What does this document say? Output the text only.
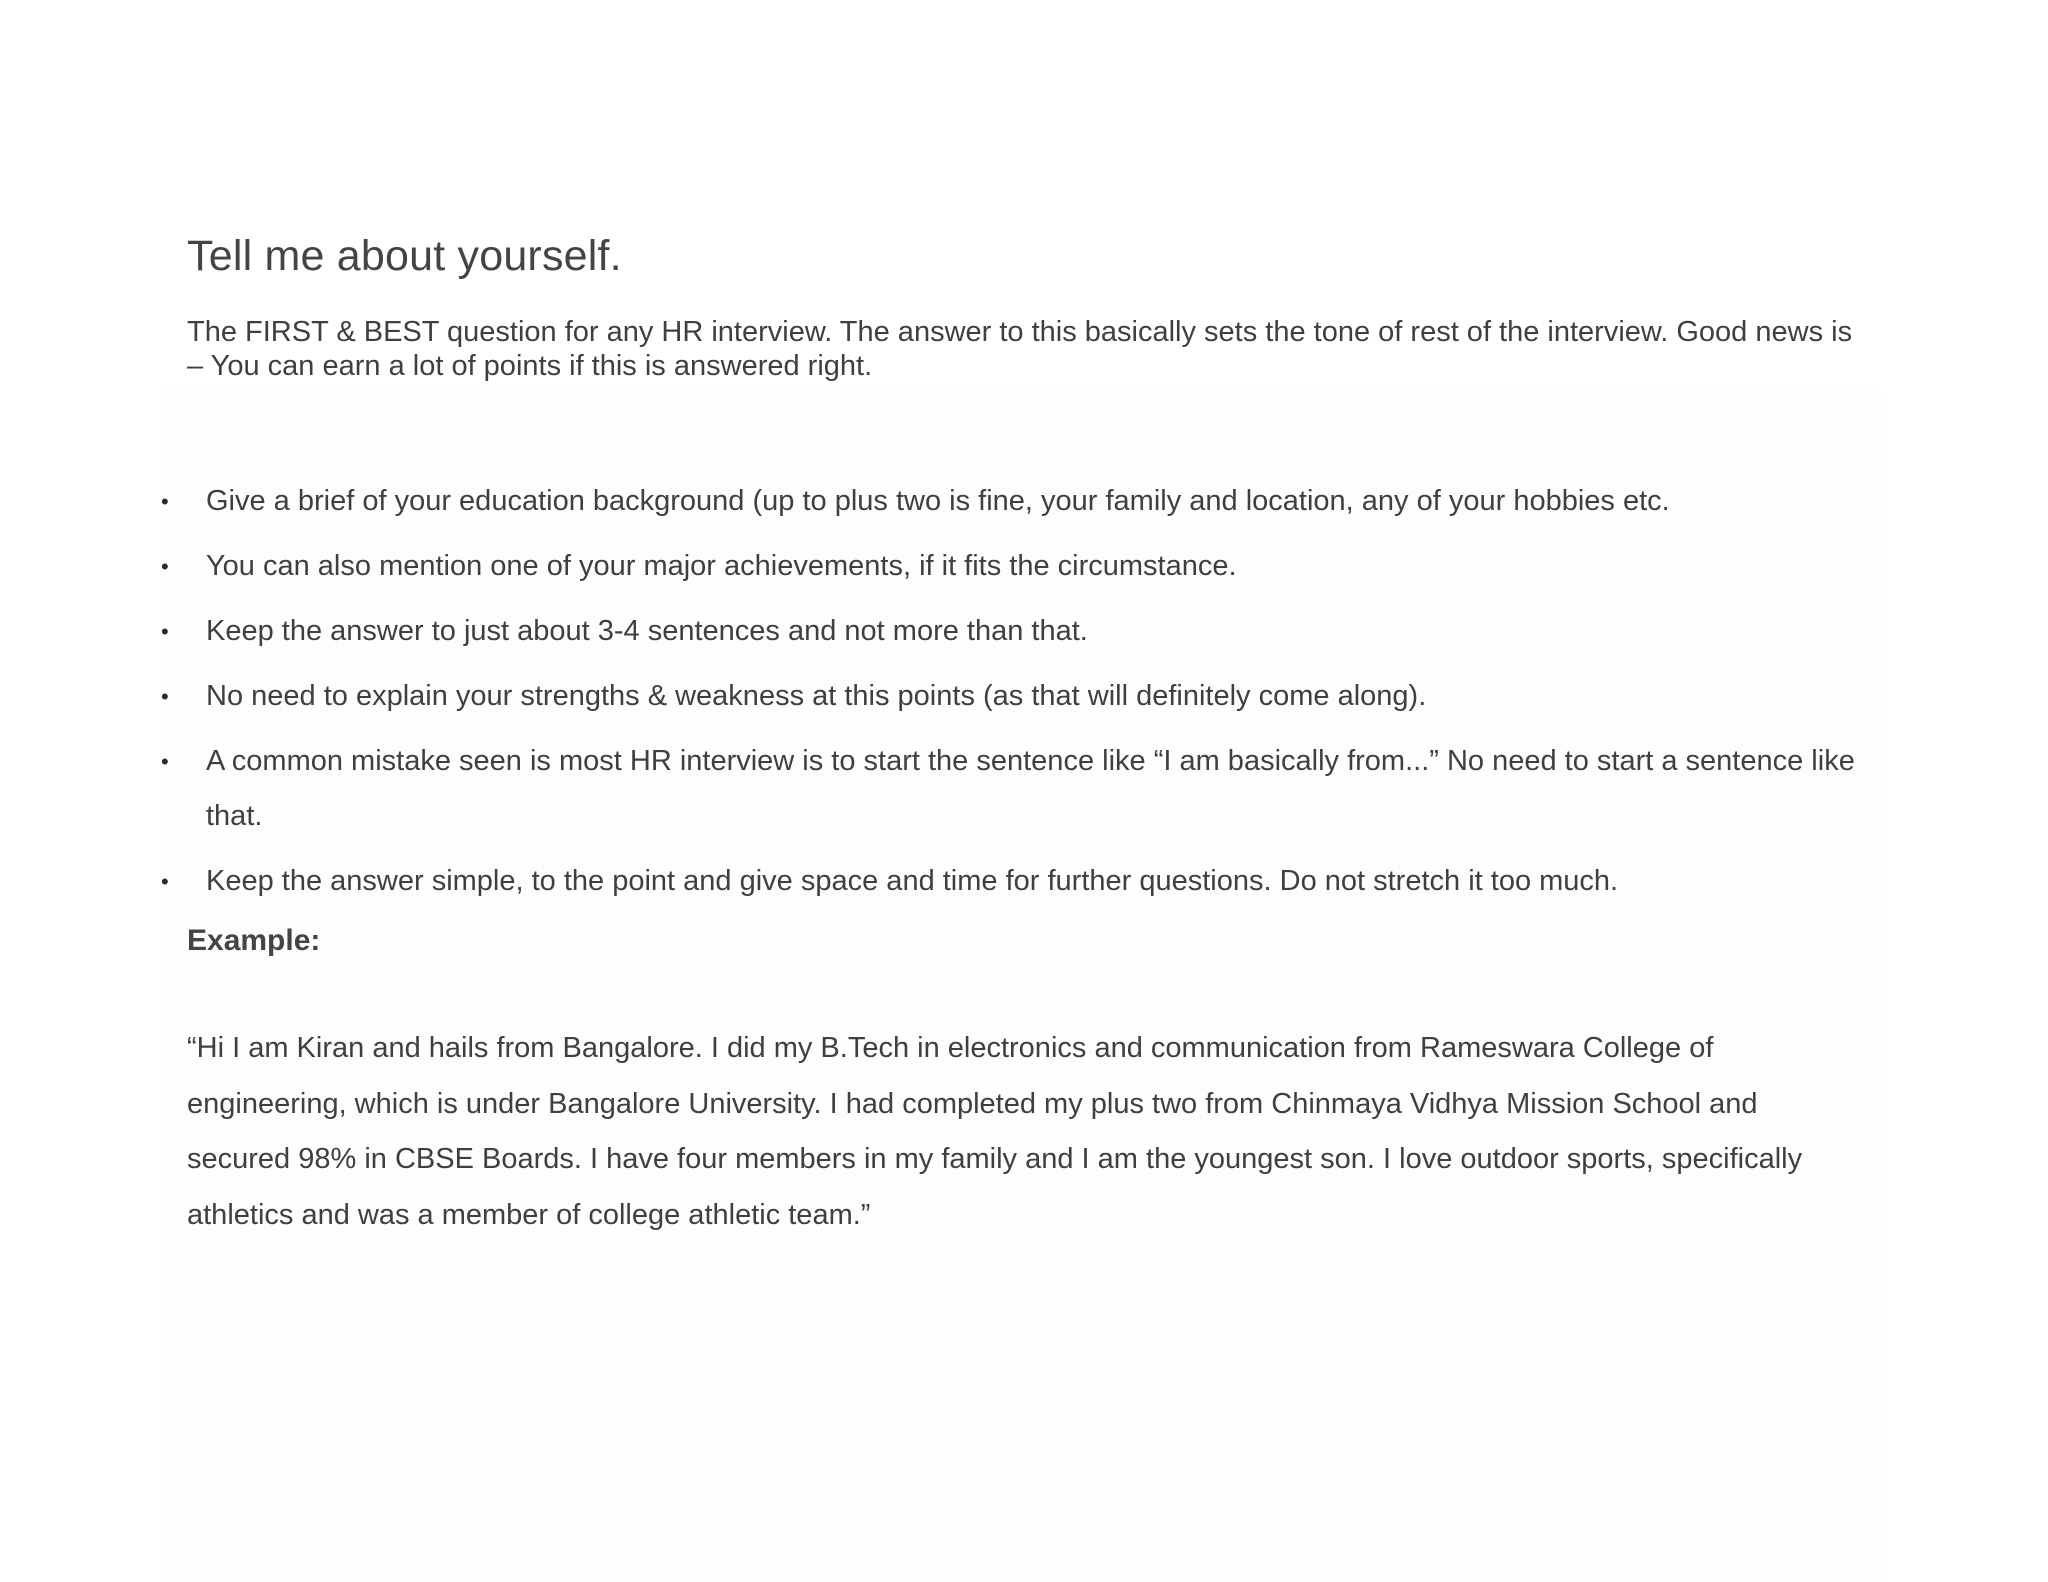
Tell me about yourself.

The FIRST & BEST question for any HR interview. The answer to this basically sets the tone of rest of the interview. Good news is – You can earn a lot of points if this is answered right.

• Give a brief of your education background (up to plus two is fine, your family and location, any of your hobbies etc.
• You can also mention one of your major achievements, if it fits the circumstance.
• Keep the answer to just about 3-4 sentences and not more than that.
• No need to explain your strengths & weakness at this points (as that will definitely come along).
• A common mistake seen is most HR interview is to start the sentence like “I am basically from...” No need to start a sentence like that.
• Keep the answer simple, to the point and give space and time for further questions. Do not stretch it too much.
Example:

“Hi I am Kiran and hails from Bangalore. I did my B.Tech in electronics and communication from Rameswara College of engineering, which is under Bangalore University. I had completed my plus two from Chinmaya Vidhya Mission School and secured 98% in CBSE Boards. I have four members in my family and I am the youngest son. I love outdoor sports, specifically athletics and was a member of college athletic team.”
